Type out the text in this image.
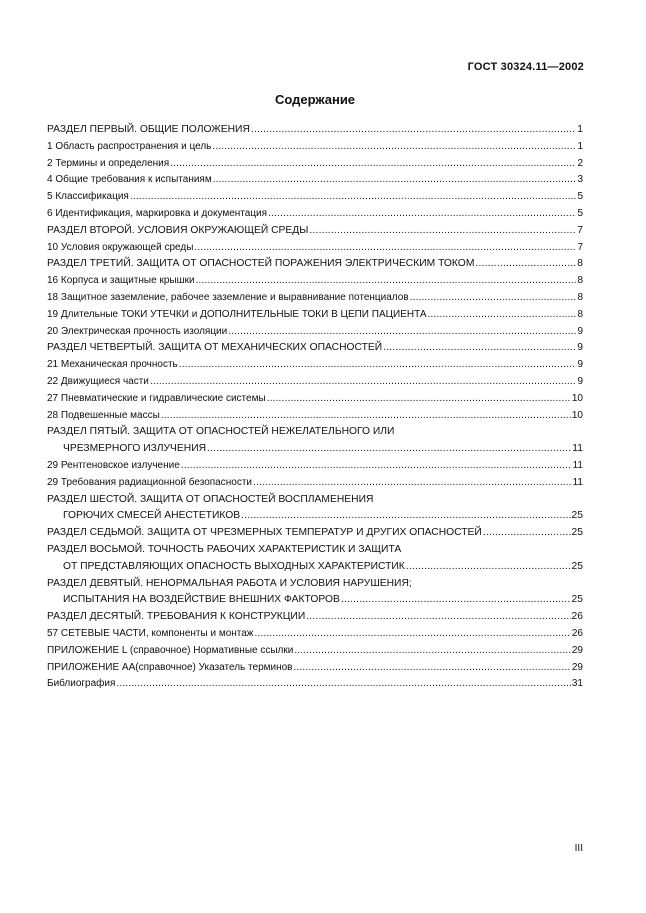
ГОСТ 30324.11—2002
Содержание
РАЗДЕЛ ПЕРВЫЙ. ОБЩИЕ ПОЛОЖЕНИЯ .....	1
1 Область распространения и цель .....	1
2 Термины и определения .....	2
4 Общие требования к испытаниям .....	3
5 Классификация .....	5
6 Идентификация, маркировка и документация .....	5
РАЗДЕЛ ВТОРОЙ. УСЛОВИЯ ОКРУЖАЮЩЕЙ СРЕДЫ .....	7
10 Условия окружающей среды .....	7
РАЗДЕЛ ТРЕТИЙ. ЗАЩИТА ОТ ОПАСНОСТЕЙ ПОРАЖЕНИЯ ЭЛЕКТРИЧЕСКИМ ТОКОМ .....	8
16 Корпуса и защитные крышки .....	8
18 Защитное заземление, рабочее заземление и выравнивание потенциалов .....	8
19 Длительные ТОКИ УТЕЧКИ и ДОПОЛНИТЕЛЬНЫЕ ТОКИ В ЦЕПИ ПАЦИЕНТА .....	8
20 Электрическая прочность изоляции .....	9
РАЗДЕЛ ЧЕТВЕРТЫЙ. ЗАЩИТА ОТ МЕХАНИЧЕСКИХ ОПАСНОСТЕЙ .....	9
21 Механическая прочность .....	9
22 Движущиеся части .....	9
27 Пневматические и гидравлические системы .....	10
28 Подвешенные массы .....	10
РАЗДЕЛ ПЯТЫЙ. ЗАЩИТА ОТ ОПАСНОСТЕЙ НЕЖЕЛАТЕЛЬНОГО ИЛИ
ЧРЕЗМЕРНОГО ИЗЛУЧЕНИЯ .....	11
29 Рентгеновское излучение .....	11
29 Требования радиационной безопасности .....	11
РАЗДЕЛ ШЕСТОЙ. ЗАЩИТА ОТ ОПАСНОСТЕЙ ВОСПЛАМЕНЕНИЯ
ГОРЮЧИХ СМЕСЕЙ АНЕСТЕТИКОВ .....	25
РАЗДЕЛ СЕДЬМОЙ. ЗАЩИТА ОТ ЧРЕЗМЕРНЫХ ТЕМПЕРАТУР И ДРУГИХ ОПАСНОСТЕЙ .....	25
РАЗДЕЛ ВОСЬМОЙ. ТОЧНОСТЬ РАБОЧИХ ХАРАКТЕРИСТИК И ЗАЩИТА
ОТ ПРЕДСТАВЛЯЮЩИХ ОПАСНОСТЬ ВЫХОДНЫХ ХАРАКТЕРИСТИК .....	25
РАЗДЕЛ ДЕВЯТЫЙ. НЕНОРМАЛЬНАЯ РАБОТА И УСЛОВИЯ НАРУШЕНИЯ;
ИСПЫТАНИЯ НА ВОЗДЕЙСТВИЕ ВНЕШНИХ ФАКТОРОВ .....	25
РАЗДЕЛ ДЕСЯТЫЙ. ТРЕБОВАНИЯ К КОНСТРУКЦИИ .....	26
57 СЕТЕВЫЕ ЧАСТИ, компоненты и монтаж .....	26
ПРИЛОЖЕНИЕ L (справочное) Нормативные ссылки .....	29
ПРИЛОЖЕНИЕ АА(справочное) Указатель терминов .....	29
Библиография .....	31
III
